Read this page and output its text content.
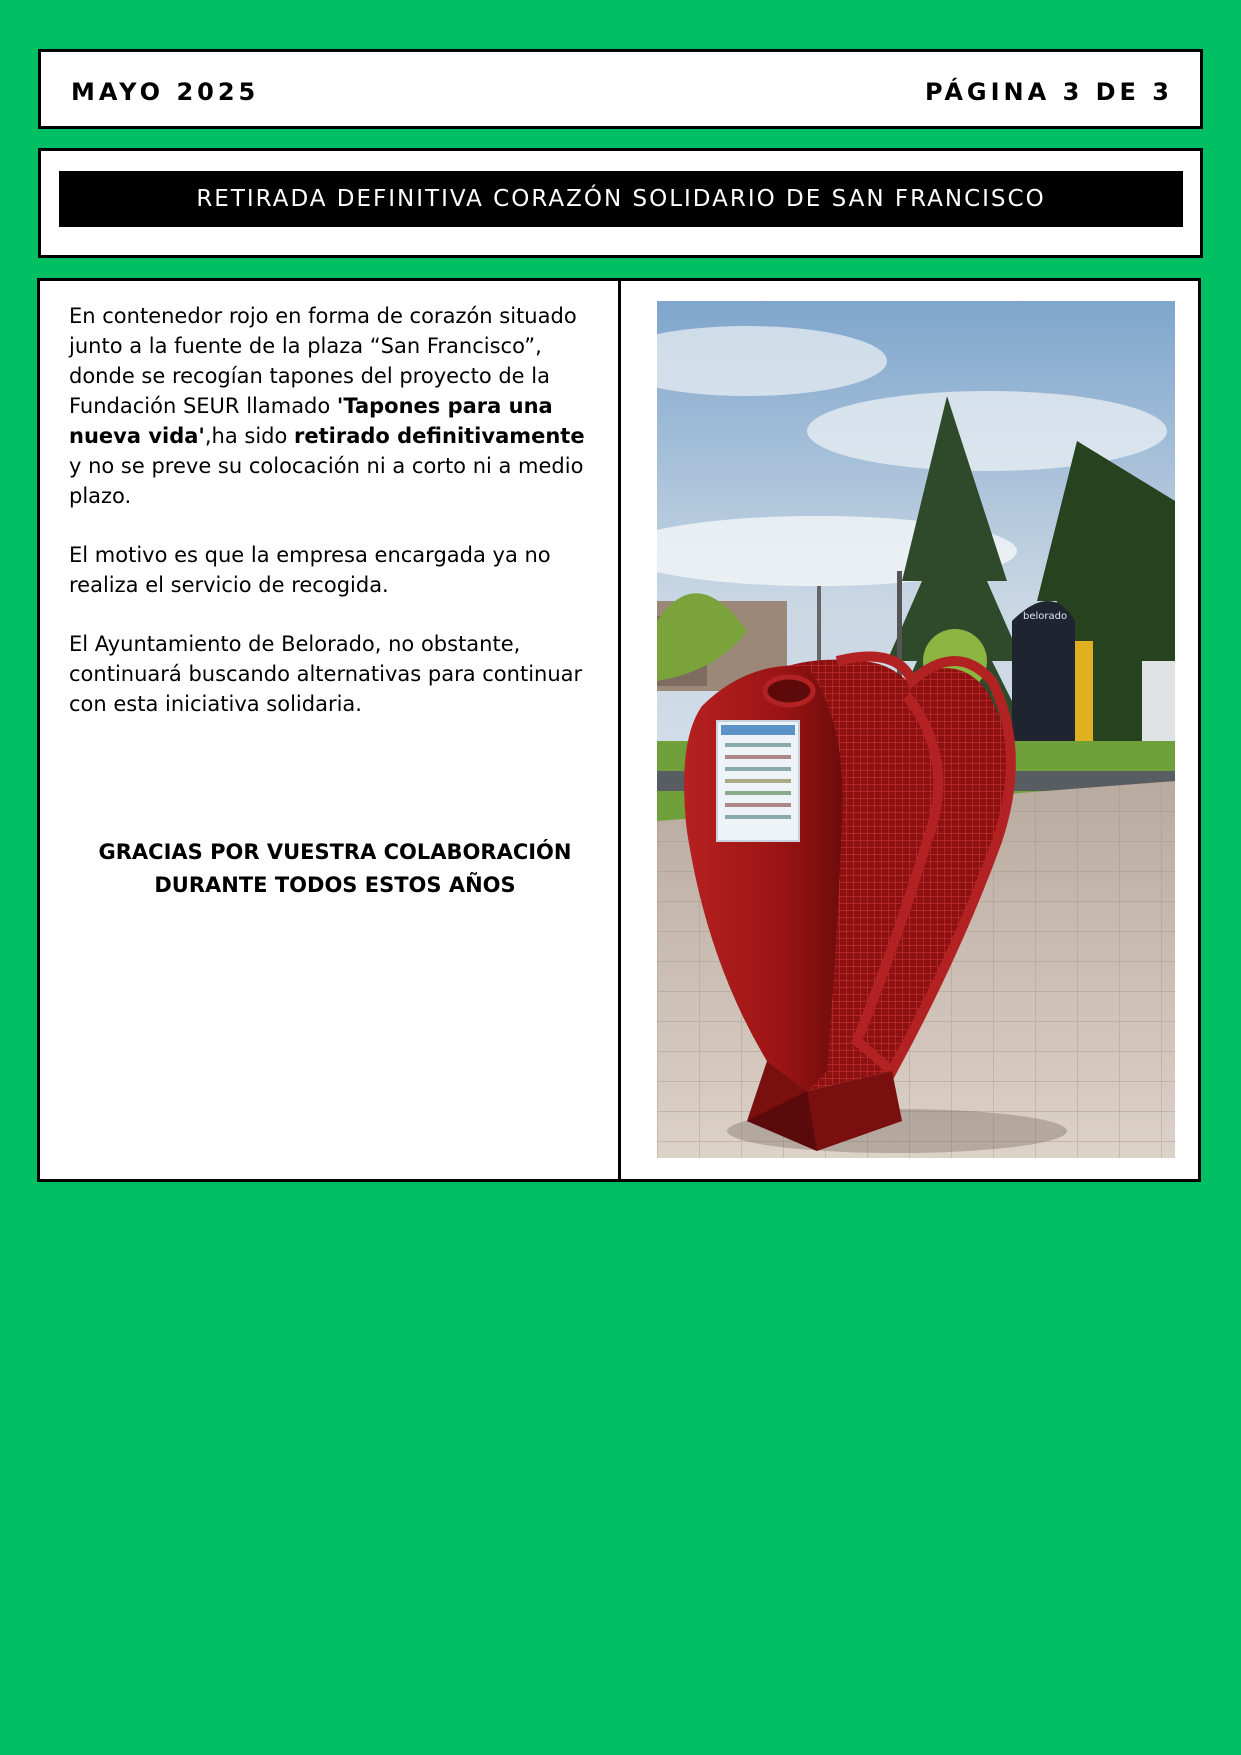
MAYO 2025	PÁGINA 3 DE 3
RETIRADA DEFINITIVA CORAZÓN SOLIDARIO DE SAN FRANCISCO

En contenedor rojo en forma de corazón situado junto a la fuente de la plaza “San Francisco”, donde se recogían tapones del proyecto de la Fundación SEUR llamado 'Tapones para una nueva vida',ha sido retirado definitivamente y no se preve su colocación ni a corto ni a medio plazo.

El motivo es que la empresa encargada ya no realiza el servicio de recogida.

El Ayuntamiento de Belorado, no obstante, continuará buscando alternativas para continuar con esta iniciativa solidaria.

GRACIAS POR VUESTRA COLABORACIÓN
DURANTE TODOS ESTOS AÑOS
belorado
